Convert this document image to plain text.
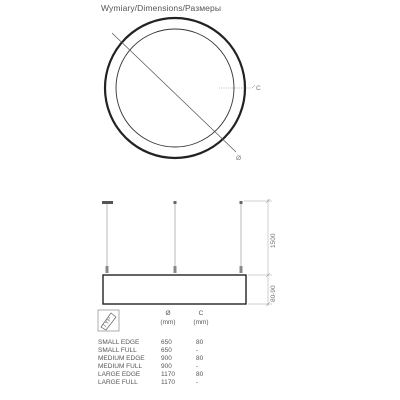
Wymiary/Dimensions/Размеры
C
Ø
1500
80-90
TYP
Ø
(mm)
C
(mm)
SMALL EDGE	650	80
SMALL FULL	650	-
MEDIUM EDGE	900	80
MEDIUM FULL	900	-
LARGE EDGE	1170	80
LARGE FULL	1170	-
